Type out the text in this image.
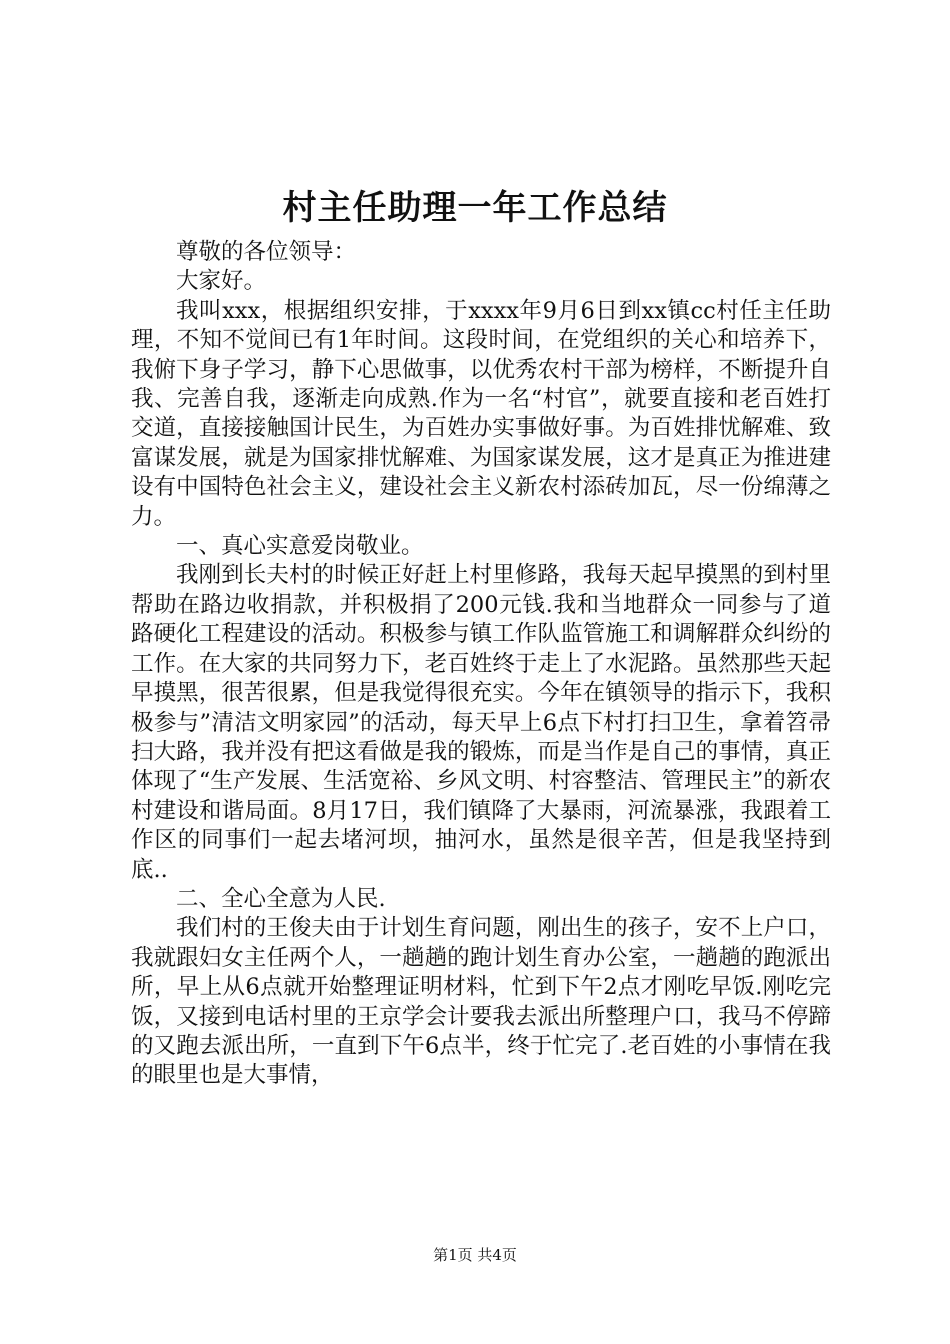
村主任助理一年工作总结

尊敬的各位领导：

大家好。

我叫xxx，根据组织安排，于xxxx年9月6日到xx镇cc村任主任助理，不知不觉间已有1年时间。这段时间，在党组织的关心和培养下，我俯下身子学习，静下心思做事，以优秀农村干部为榜样，不断提升自我、完善自我，逐渐走向成熟.作为一名“村官”，就要直接和老百姓打交道，直接接触国计民生，为百姓办实事做好事。为百姓排忧解难、致富谋发展，就是为国家排忧解难、为国家谋发展，这才是真正为推进建设有中国特色社会主义，建设社会主义新农村添砖加瓦，尽一份绵薄之力。

一、真心实意爱岗敬业。

我刚到长夫村的时候正好赶上村里修路，我每天起早摸黑的到村里帮助在路边收捐款，并积极捐了200元钱.我和当地群众一同参与了道路硬化工程建设的活动。积极参与镇工作队监管施工和调解群众纠纷的工作。在大家的共同努力下，老百姓终于走上了水泥路。虽然那些天起早摸黑，很苦很累，但是我觉得很充实。今年在镇领导的指示下，我积极参与”清洁文明家园”的活动，每天早上6点下村打扫卫生，拿着笤帚扫大路，我并没有把这看做是我的锻炼，而是当作是自己的事情，真正体现了“生产发展、生活宽裕、乡风文明、村容整洁、管理民主”的新农村建设和谐局面。8月17日，我们镇降了大暴雨，河流暴涨，我跟着工作区的同事们一起去堵河坝，抽河水，虽然是很辛苦，但是我坚持到底..

二、全心全意为人民.

我们村的王俊夫由于计划生育问题，刚出生的孩子，安不上户口，我就跟妇女主任两个人，一趟趟的跑计划生育办公室，一趟趟的跑派出所，早上从6点就开始整理证明材料，忙到下午2点才刚吃早饭.刚吃完饭，又接到电话村里的王京学会计要我去派出所整理户口，我马不停蹄的又跑去派出所，一直到下午6点半，终于忙完了.老百姓的小事情在我的眼里也是大事情，

第1页 共4页
